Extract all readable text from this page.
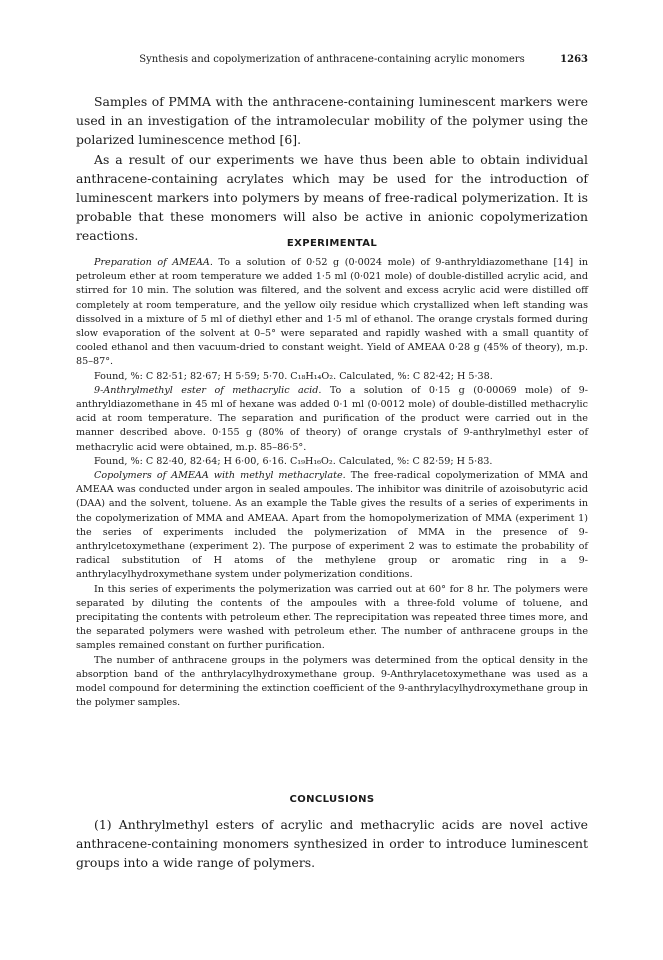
Synthesis and copolymerization of anthracene-containing acrylic monomers	1263

Samples of PMMA with the anthracene-containing luminescent markers were used in an investigation of the intramolecular mobility of the polymer using the polarized luminescence method [6].

As a result of our experiments we have thus been able to obtain individual anthracene-containing acrylates which may be used for the introduction of luminescent markers into polymers by means of free-radical polymerization. It is probable that these monomers will also be active in anionic copolymerization reactions.

EXPERIMENTAL

Preparation of AMEAA. To a solution of 0·52 g (0·0024 mole) of 9-anthryldiazomethane [14] in petroleum ether at room temperature we added 1·5 ml (0·021 mole) of double-distilled acrylic acid, and stirred for 10 min. The solution was filtered, and the solvent and excess acrylic acid were distilled off completely at room temperature, and the yellow oily residue which crystallized when left standing was dissolved in a mixture of 5 ml of diethyl ether and 1·5 ml of ethanol. The orange crystals formed during slow evaporation of the solvent at 0–5° were separated and rapidly washed with a small quantity of cooled ethanol and then vacuum-dried to constant weight. Yield of AMEAA 0·28 g (45% of theory), m.p. 85–87°.

Found, %: C 82·51; 82·67; H 5·59; 5·70. C₁₈H₁₄O₂. Calculated, %: C 82·42; H 5·38.

9-Anthrylmethyl ester of methacrylic acid. To a solution of 0·15 g (0·00069 mole) of 9-anthryldiazomethane in 45 ml of hexane was added 0·1 ml (0·0012 mole) of double-distilled methacrylic acid at room temperature. The separation and purification of the product were carried out in the manner described above. 0·155 g (80% of theory) of orange crystals of 9-anthrylmethyl ester of methacrylic acid were obtained, m.p. 85–86·5°.

Found, %: C 82·40, 82·64; H 6·00, 6·16. C₁₉H₁₆O₂. Calculated, %: C 82·59; H 5·83.

Copolymers of AMEAA with methyl methacrylate. The free-radical copolymerization of MMA and AMEAA was conducted under argon in sealed ampoules. The inhibitor was dinitrile of azoisobutyric acid (DAA) and the solvent, toluene. As an example the Table gives the results of a series of experiments in the copolymerization of MMA and AMEAA. Apart from the homopolymerization of MMA (experiment 1) the series of experiments included the polymerization of MMA in the presence of 9-anthrylcetoxymethane (experiment 2). The purpose of experiment 2 was to estimate the probability of radical substitution of H atoms of the methylene group or aromatic ring in a 9-anthrylacylhydroxymethane system under polymerization conditions.

In this series of experiments the polymerization was carried out at 60° for 8 hr. The polymers were separated by diluting the contents of the ampoules with a three-fold volume of toluene, and precipitating the contents with petroleum ether. The reprecipitation was repeated three times more, and the separated polymers were washed with petroleum ether. The number of anthracene groups in the samples remained constant on further purification.

The number of anthracene groups in the polymers was determined from the optical density in the absorption band of the anthrylacylhydroxymethane group. 9-Anthrylacetoxymethane was used as a model compound for determining the extinction coefficient of the 9-anthrylacylhydroxymethane group in the polymer samples.

CONCLUSIONS

(1) Anthrylmethyl esters of acrylic and methacrylic acids are novel active anthracene-containing monomers synthesized in order to introduce luminescent groups into a wide range of polymers.
